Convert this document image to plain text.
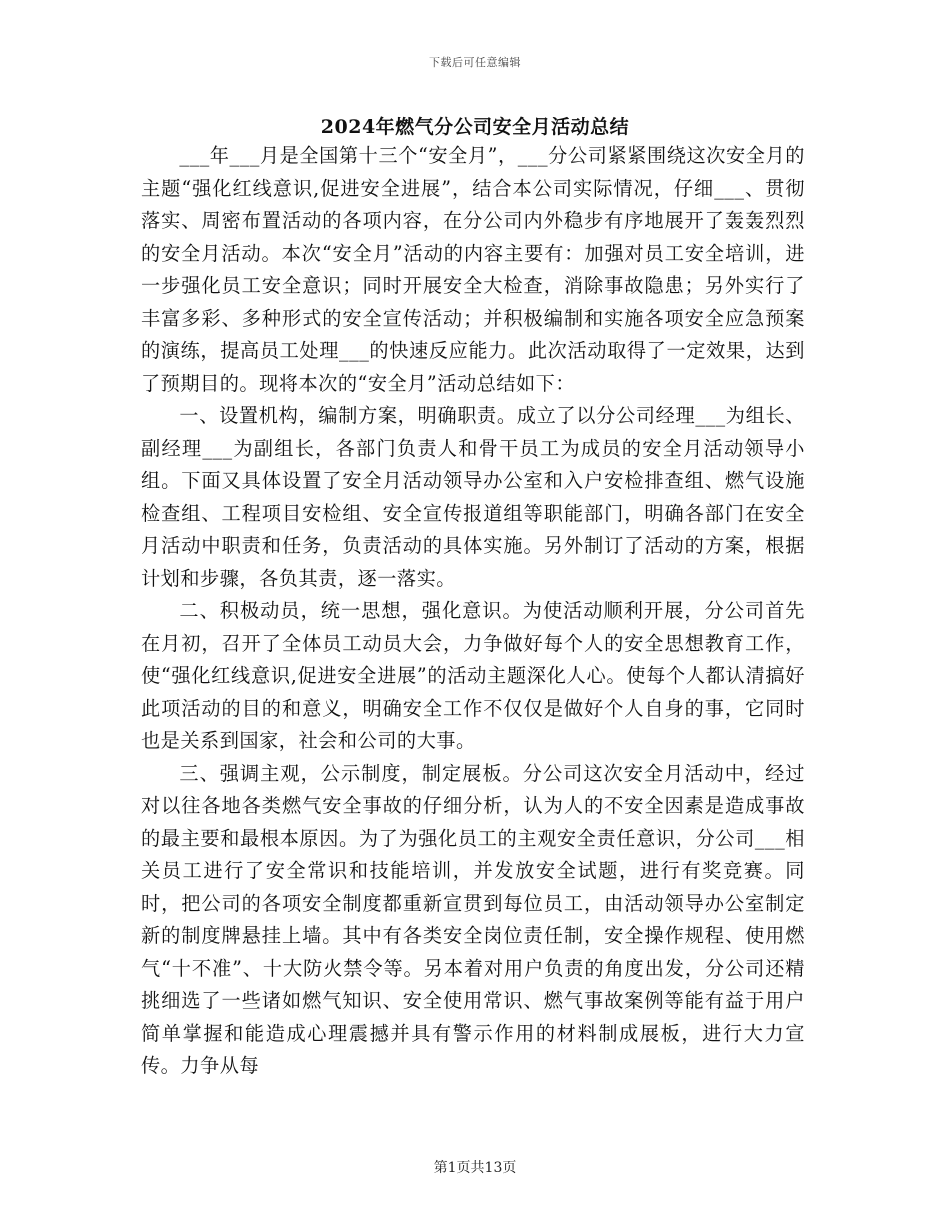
下载后可任意编辑
2024年燃气分公司安全月活动总结

___年___月是全国第十三个“安全月”，___分公司紧紧围绕这次安全月的主题“强化红线意识,促进安全进展”，结合本公司实际情况，仔细___、贯彻落实、周密布置活动的各项内容，在分公司内外稳步有序地展开了轰轰烈烈的安全月活动。本次“安全月”活动的内容主要有：加强对员工安全培训，进一步强化员工安全意识；同时开展安全大检查，消除事故隐患；另外实行了丰富多彩、多种形式的安全宣传活动；并积极编制和实施各项安全应急预案的演练，提高员工处理___的快速反应能力。此次活动取得了一定效果，达到了预期目的。现将本次的“安全月”活动总结如下：

一、设置机构，编制方案，明确职责。成立了以分公司经理___为组长、副经理___为副组长，各部门负责人和骨干员工为成员的安全月活动领导小组。下面又具体设置了安全月活动领导办公室和入户安检排查组、燃气设施检查组、工程项目安检组、安全宣传报道组等职能部门，明确各部门在安全月活动中职责和任务，负责活动的具体实施。另外制订了活动的方案，根据计划和步骤，各负其责，逐一落实。

二、积极动员，统一思想，强化意识。为使活动顺利开展，分公司首先在月初，召开了全体员工动员大会，力争做好每个人的安全思想教育工作，使“强化红线意识,促进安全进展”的活动主题深化人心。使每个人都认清搞好此项活动的目的和意义，明确安全工作不仅仅是做好个人自身的事，它同时也是关系到国家，社会和公司的大事。

三、强调主观，公示制度，制定展板。分公司这次安全月活动中，经过对以往各地各类燃气安全事故的仔细分析，认为人的不安全因素是造成事故的最主要和最根本原因。为了为强化员工的主观安全责任意识，分公司___相关员工进行了安全常识和技能培训，并发放安全试题，进行有奖竞赛。同时，把公司的各项安全制度都重新宣贯到每位员工，由活动领导办公室制定新的制度牌悬挂上墙。其中有各类安全岗位责任制，安全操作规程、使用燃气“十不准”、十大防火禁令等。另本着对用户负责的角度出发，分公司还精挑细选了一些诸如燃气知识、安全使用常识、燃气事故案例等能有益于用户简单掌握和能造成心理震撼并具有警示作用的材料制成展板，进行大力宣传。力争从每

第1页共13页
